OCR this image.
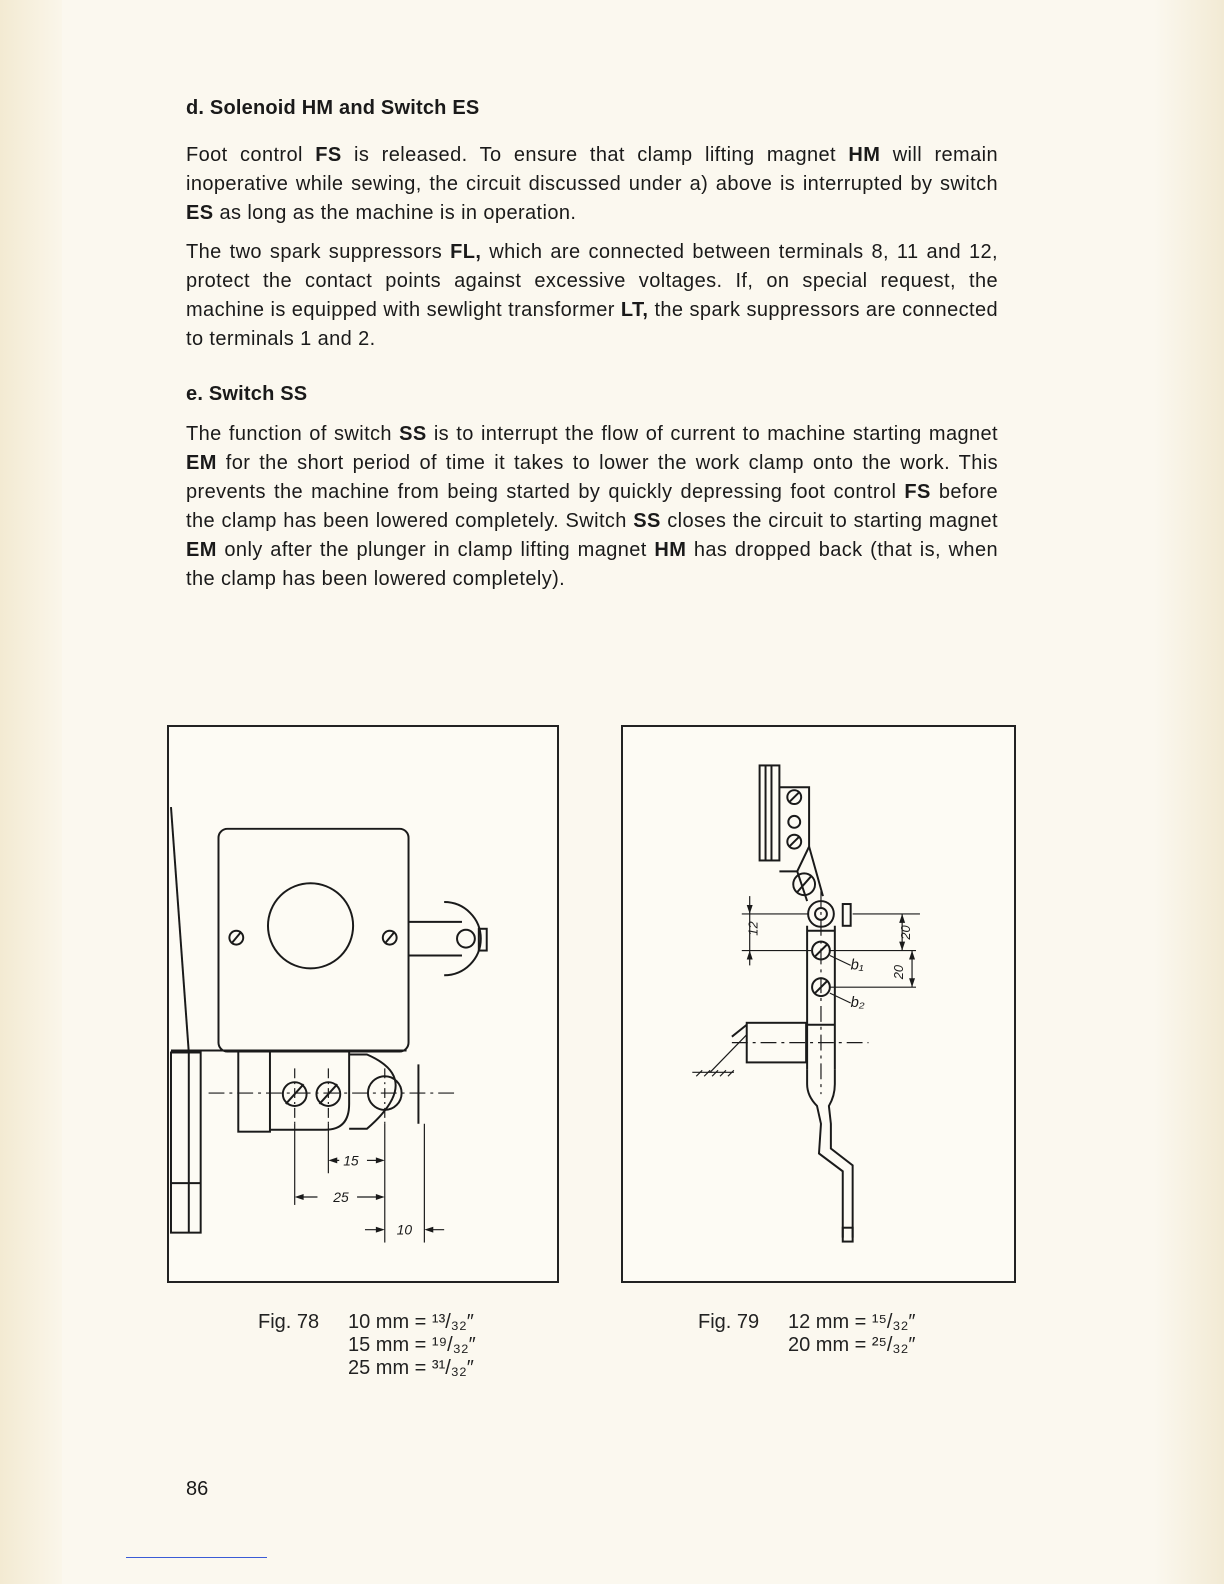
d. Solenoid HM and Switch ES

Foot control FS is released. To ensure that clamp lifting magnet HM will remain inoperative while sewing, the circuit discussed under a) above is interrupted by switch ES as long as the machine is in operation.

The two spark suppressors FL, which are connected between terminals 8, 11 and 12, protect the contact points against excessive voltages. If, on special request, the machine is equipped with sewlight transformer LT, the spark suppressors are connected to terminals 1 and 2.

e. Switch SS

The function of switch SS is to interrupt the flow of current to machine starting magnet EM for the short period of time it takes to lower the work clamp onto the work. This prevents the machine from being started by quickly depressing foot control FS before the clamp has been lowered completely. Switch SS closes the circuit to starting magnet EM only after the plunger in clamp lifting magnet HM has dropped back (that is, when the clamp has been lowered completely).

15
25
10
12	20
20
b₁
b₂
Fig. 78 10 mm = ¹³/₃₂″
15 mm = ¹⁹/₃₂″
25 mm = ³¹/₃₂″
Fig. 79 12 mm = ¹⁵/₃₂″
20 mm = ²⁵/₃₂″
86
